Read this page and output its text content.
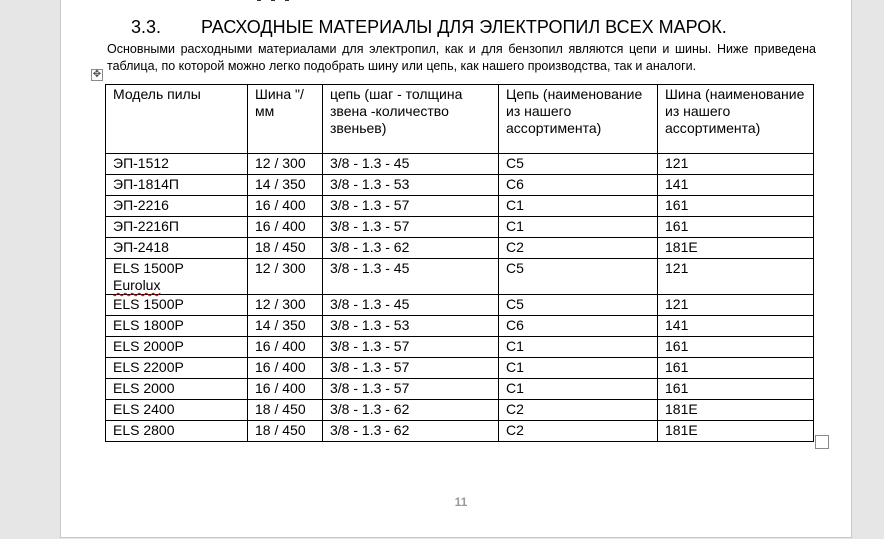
3.3. РАСХОДНЫЕ МАТЕРИАЛЫ ДЛЯ ЭЛЕКТРОПИЛ ВСЕХ МАРОК.
Основными расходными материалами для электропил, как и для бензопил являются цепи и шины. Ниже приведена таблица, по которой можно легко подобрать шину или цепь, как нашего производства, так и аналоги.
✥
Модель пилы	Шина "/мм	цепь (шаг - толщина звена -количество звеньев)	Цепь (наименование из нашего ассортимента)	Шина (наименование из нашего ассортимента)
ЭП-1512	12 / 300	3/8 - 1.3 - 45	С5	121
ЭП-1814П	14 / 350	3/8 - 1.3 - 53	С6	141
ЭП-2216	16 / 400	3/8 - 1.3 - 57	С1	161
ЭП-2216П	16 / 400	3/8 - 1.3 - 57	С1	161
ЭП-2418	18 / 450	3/8 - 1.3 - 62	С2	181Е
ELS 1500P
Eurolux	12 / 300	3/8 - 1.3 - 45	С5	121
ELS 1500P	12 / 300	3/8 - 1.3 - 45	С5	121
ELS 1800P	14 / 350	3/8 - 1.3 - 53	С6	141
ELS 2000P	16 / 400	3/8 - 1.3 - 57	С1	161
ELS 2200P	16 / 400	3/8 - 1.3 - 57	С1	161
ELS 2000	16 / 400	3/8 - 1.3 - 57	С1	161
ELS 2400	18 / 450	3/8 - 1.3 - 62	С2	181Е
ELS 2800	18 / 450	3/8 - 1.3 - 62	С2	181Е
11
